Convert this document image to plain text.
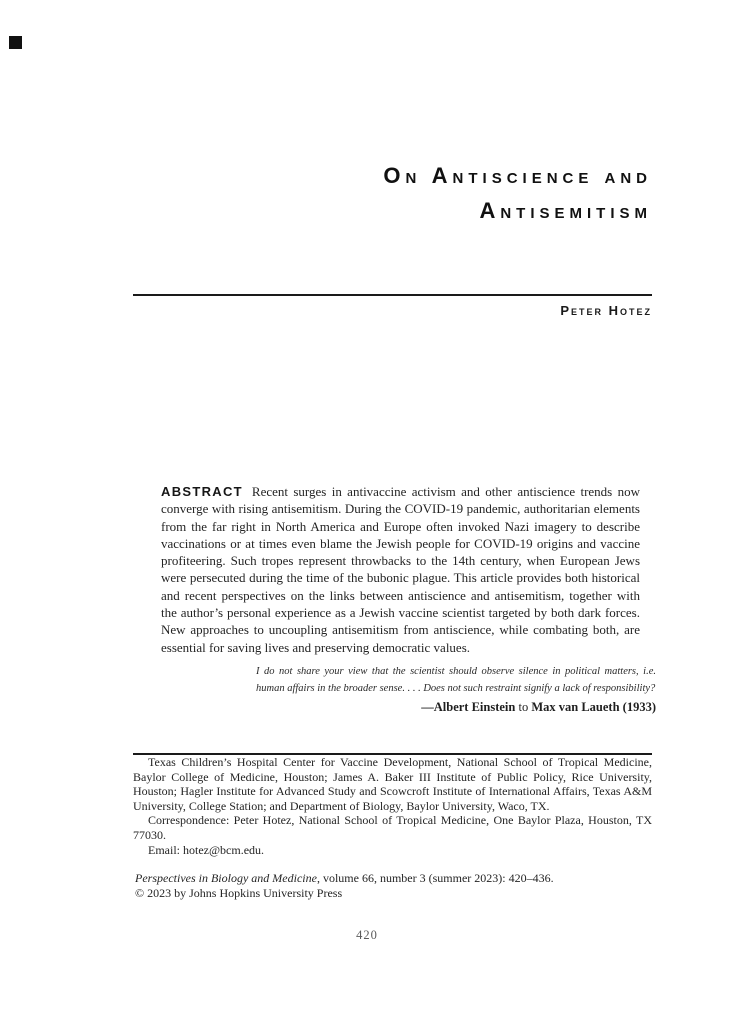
On Antiscience and
Antisemitism
Peter Hotez
ABSTRACT Recent surges in antivaccine activism and other antiscience trends now converge with rising antisemitism. During the COVID-19 pandemic, authoritarian elements from the far right in North America and Europe often invoked Nazi imagery to describe vaccinations or at times even blame the Jewish people for COVID-19 origins and vaccine profiteering. Such tropes represent throwbacks to the 14th century, when European Jews were persecuted during the time of the bubonic plague. This article provides both historical and recent perspectives on the links between antiscience and antisemitism, together with the author’s personal experience as a Jewish vaccine scientist targeted by both dark forces. New approaches to uncoupling antisemitism from antiscience, while combating both, are essential for saving lives and preserving democratic values.
I do not share your view that the scientist should observe silence in political matters, i.e. human affairs in the broader sense. . . . Does not such restraint signify a lack of responsibility?
—Albert Einstein to Max van Laueth (1933)

Texas Children’s Hospital Center for Vaccine Development, National School of Tropical Medicine, Baylor College of Medicine, Houston; James A. Baker III Institute of Public Policy, Rice University, Houston; Hagler Institute for Advanced Study and Scowcroft Institute of International Affairs, Texas A&M University, College Station; and Department of Biology, Baylor University, Waco, TX.

Correspondence: Peter Hotez, National School of Tropical Medicine, One Baylor Plaza, Houston, TX 77030.

Email: hotez@bcm.edu.

Perspectives in Biology and Medicine, volume 66, number 3 (summer 2023): 420–436.

© 2023 by Johns Hopkins University Press

420
